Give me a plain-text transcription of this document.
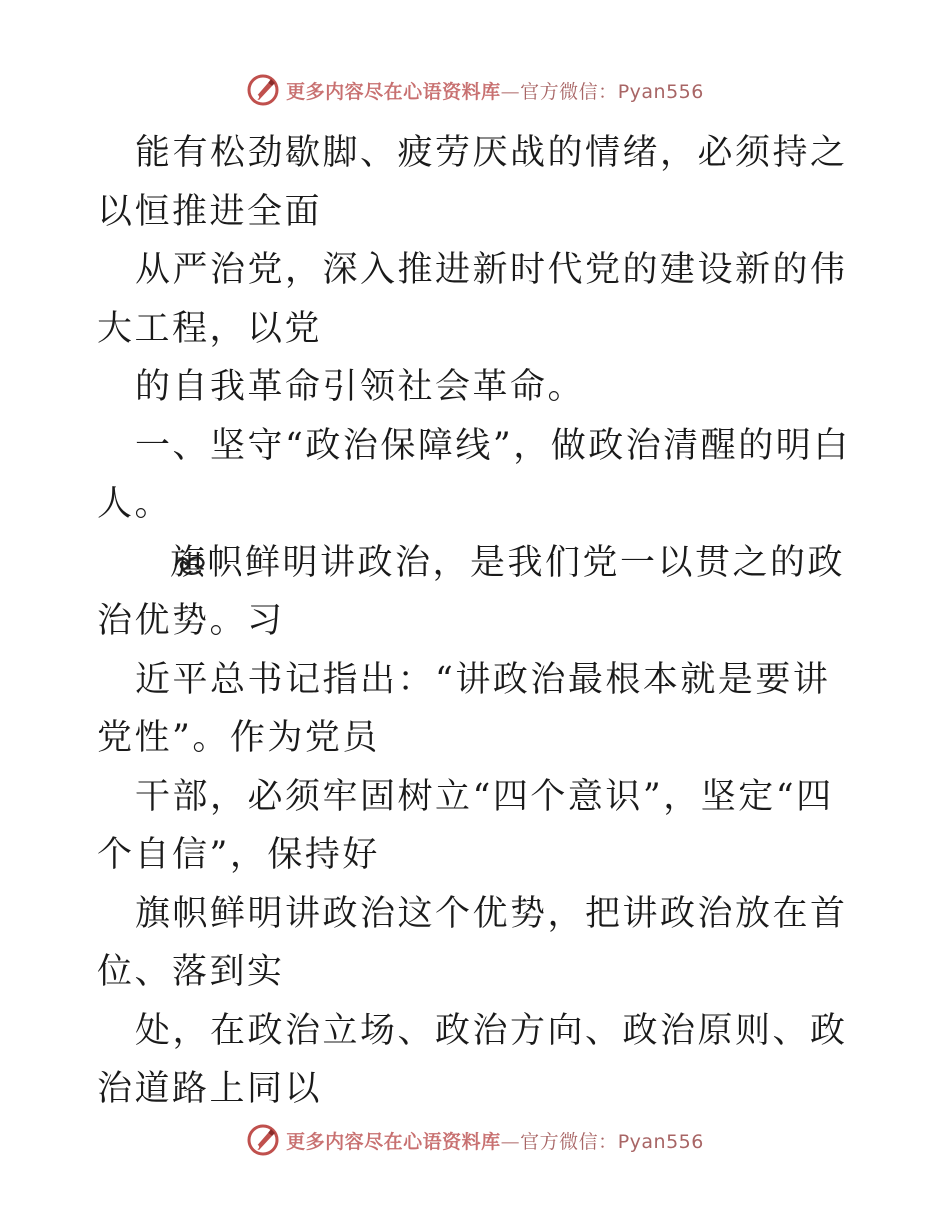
更多内容尽在心语资料库—官方微信：Pyan556

能有松劲歇脚、疲劳厌战的情绪，必须持之以恒推进全面

从严治党，深入推进新时代党的建设新的伟大工程，以党

的自我革命引领社会革命。

一、坚守“政治保障线”，做政治清醒的明白人。

旗帜鲜明讲政治，是我们党一以贯之的政治优势。习

近平总书记指出：“讲政治最根本就是要讲党性”。作为党员

干部，必须牢固树立“四个意识”，坚定“四个自信”，保持好

旗帜鲜明讲政治这个优势，把讲政治放在首位、落到实

处，在政治立场、政治方向、政治原则、政治道路上同以

更多内容尽在心语资料库—官方微信：Pyan556
